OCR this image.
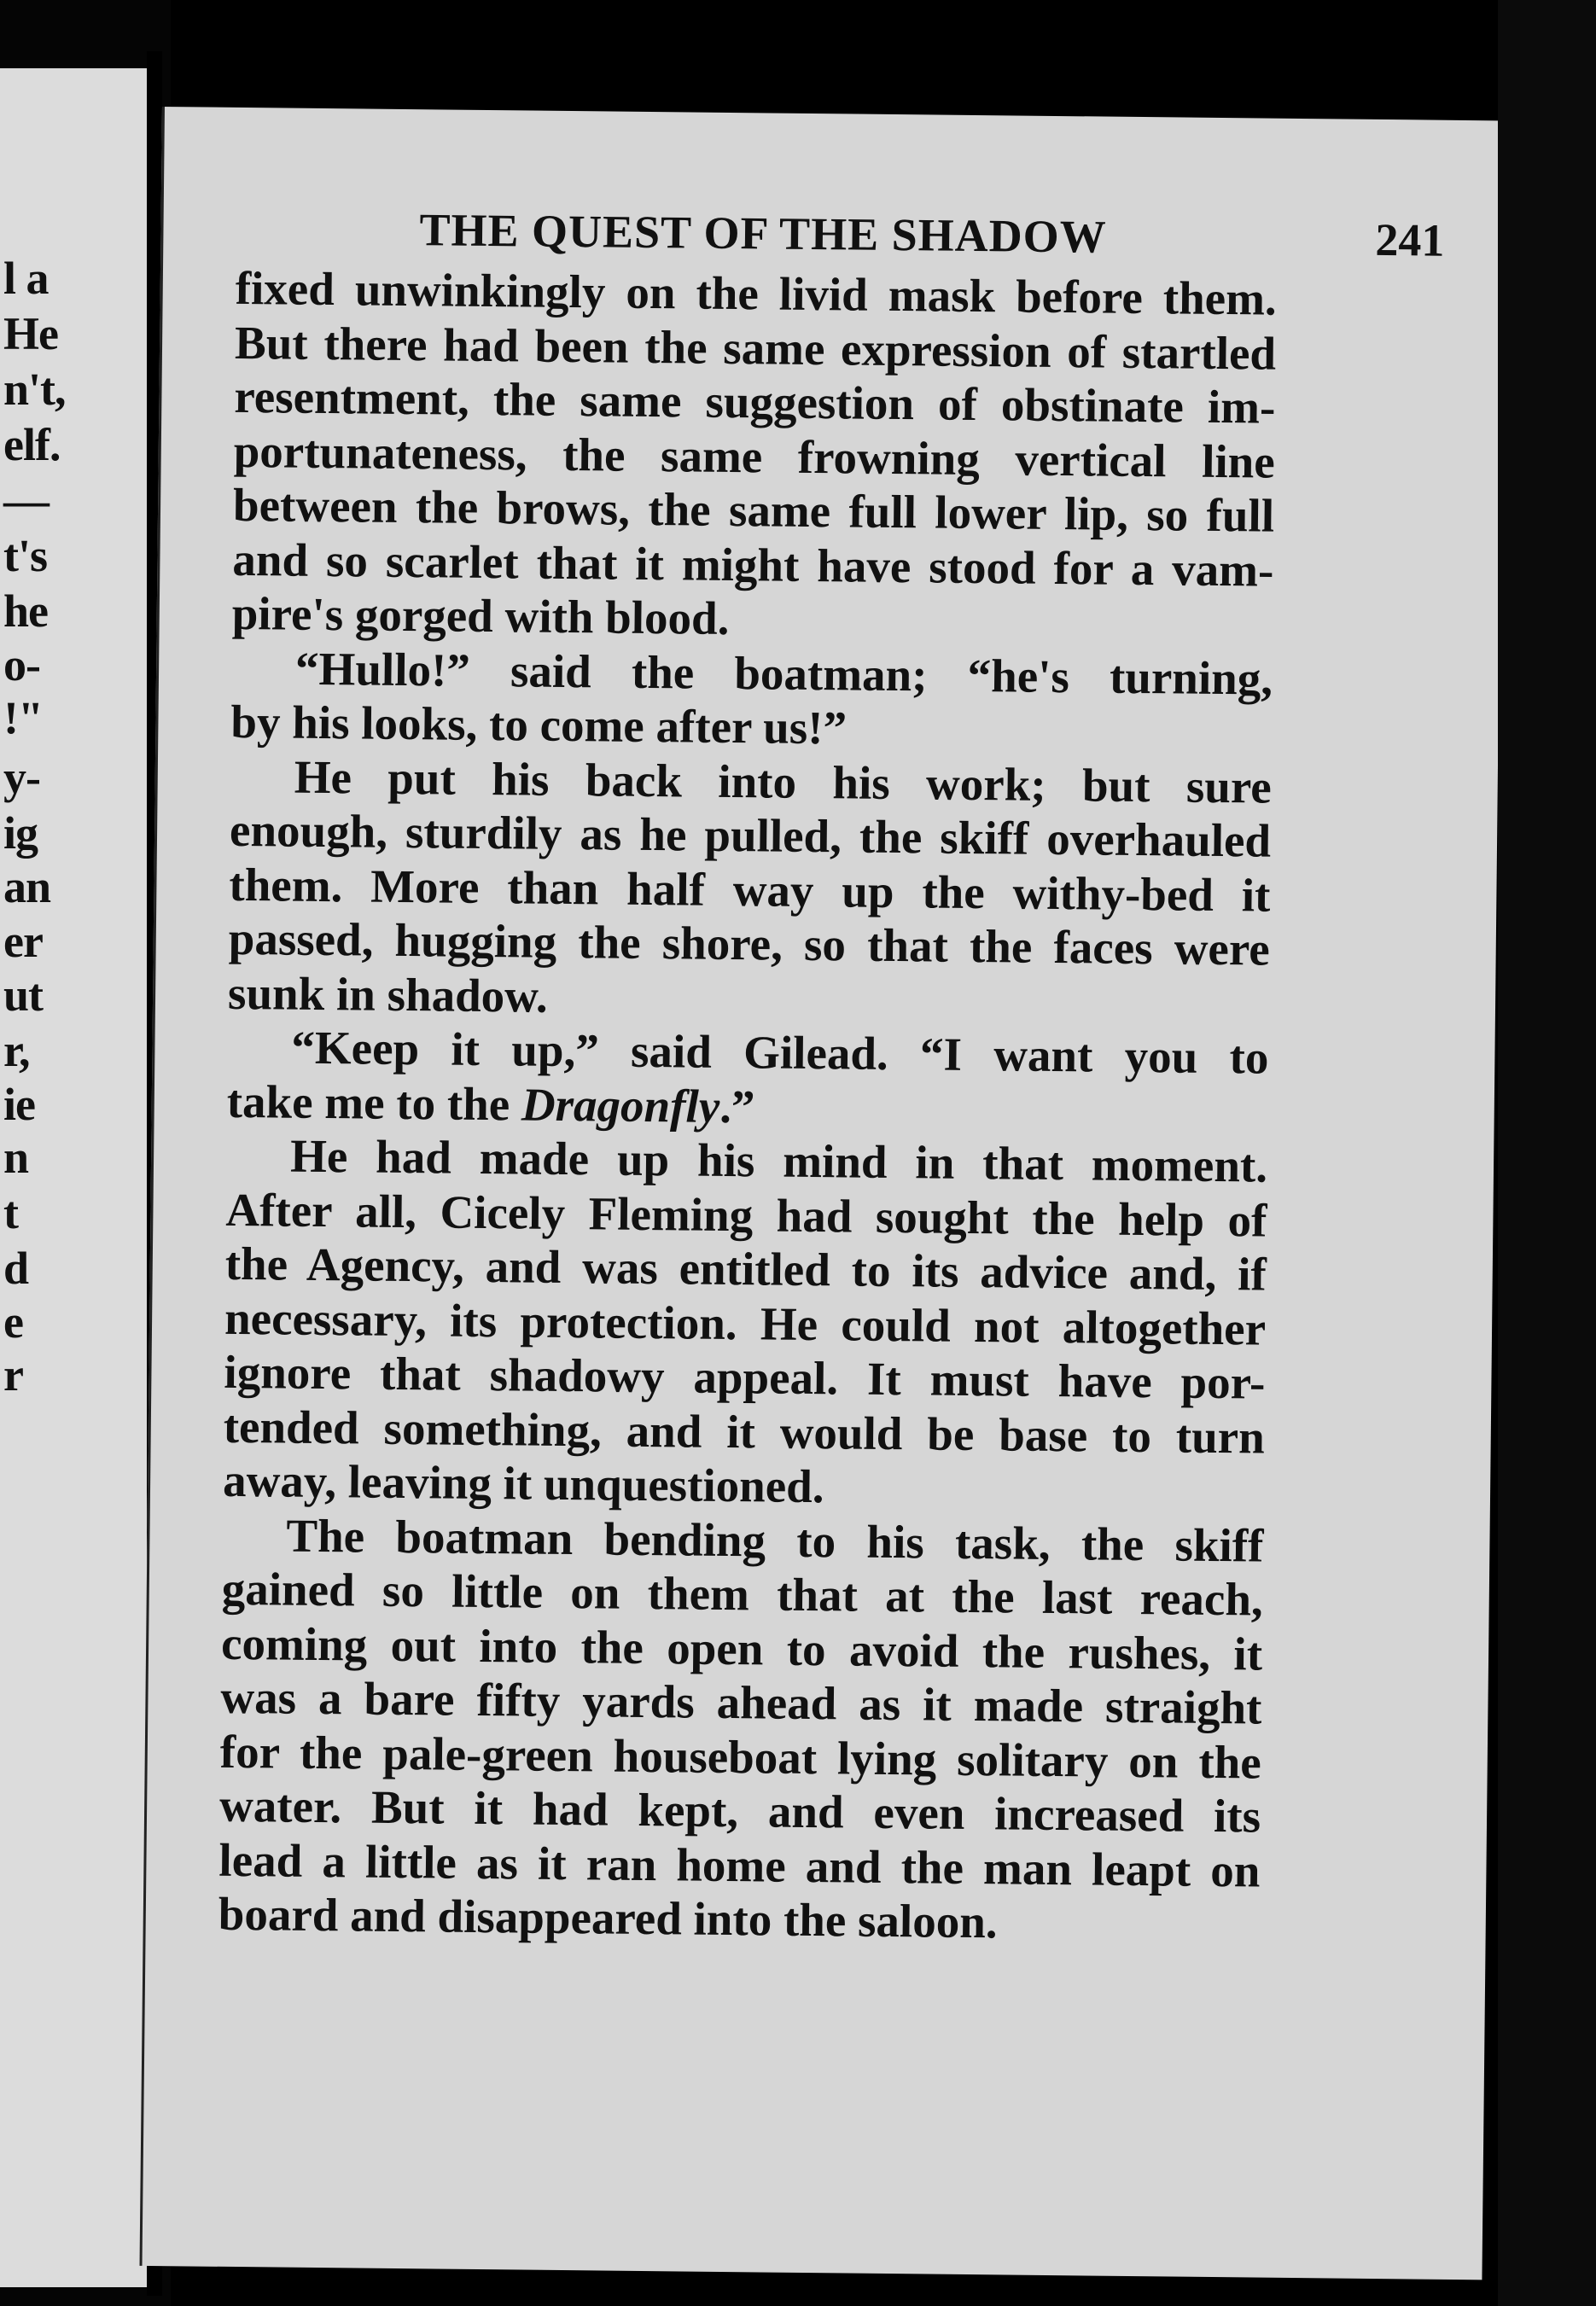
l a
He
n't,
elf.
—
t's
he
o-
!"
y-
ig
an
er
ut
r,
ie
n
t
d
e
r
THE QUEST OF THE SHADOW	241
fixed unwinkingly on the livid mask before them.
But there had been the same expression of startled
resentment, the same suggestion of obstinate im-
portunateness, the same frowning vertical line
between the brows, the same full lower lip, so full
and so scarlet that it might have stood for a vam-
pire's gorged with blood.
“Hullo!” said the boatman; “he's turning,
by his looks, to come after us!”
He put his back into his work; but sure
enough, sturdily as he pulled, the skiff overhauled
them. More than half way up the withy-bed it
passed, hugging the shore, so that the faces were
sunk in shadow.
“Keep it up,” said Gilead. “I want you to
take me to the Dragonfly.”
He had made up his mind in that moment.
After all, Cicely Fleming had sought the help of
the Agency, and was entitled to its advice and, if
necessary, its protection. He could not altogether
ignore that shadowy appeal. It must have por-
tended something, and it would be base to turn
away, leaving it unquestioned.
The boatman bending to his task, the skiff
gained so little on them that at the last reach,
coming out into the open to avoid the rushes, it
was a bare fifty yards ahead as it made straight
for the pale-green houseboat lying solitary on the
water. But it had kept, and even increased its
lead a little as it ran home and the man leapt on
board and disappeared into the saloon.
